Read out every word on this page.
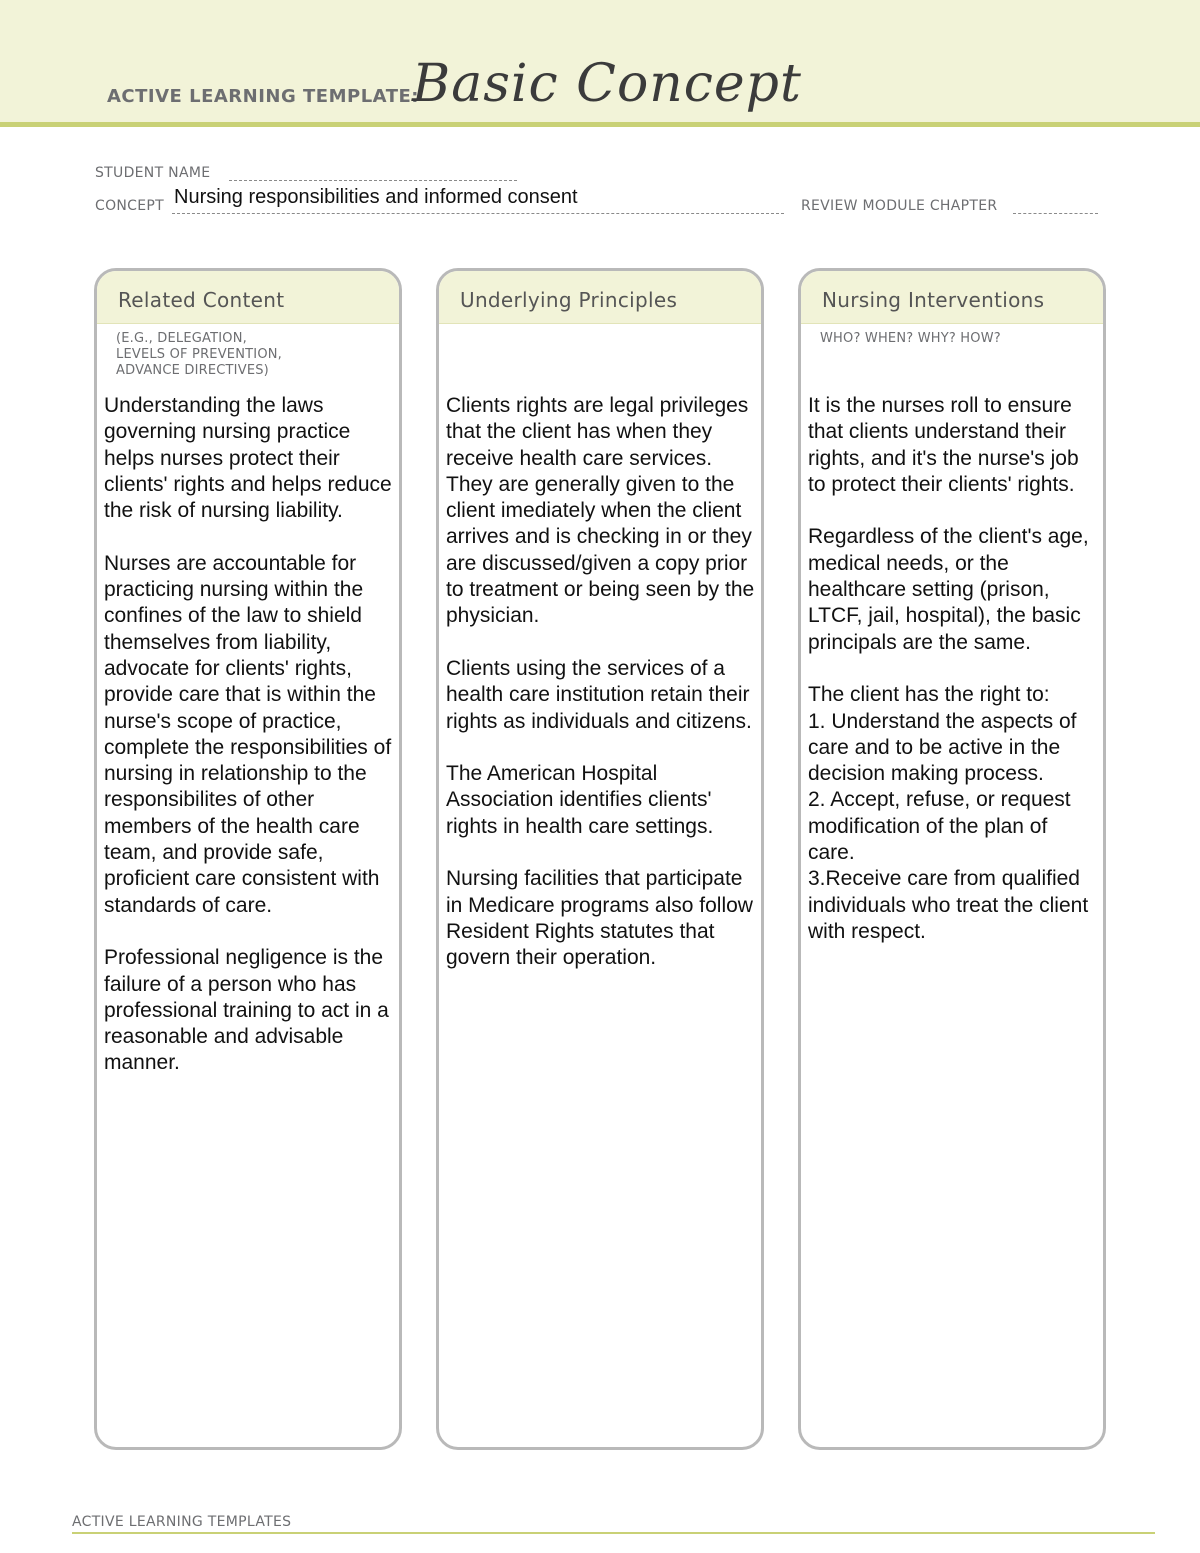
ACTIVE LEARNING TEMPLATE:
Basic Concept
STUDENT NAME
CONCEPT Nursing responsibilities and informed consent	REVIEW MODULE CHAPTER
Related Content
(E.G., DELEGATION,
LEVELS OF PREVENTION,
ADVANCE DIRECTIVES)

Understanding the laws governing nursing practice helps nurses protect their clients' rights and helps reduce the risk of nursing liability.

Nurses are accountable for practicing nursing within the confines of the law to shield themselves from liability, advocate for clients' rights, provide care that is within the nurse's scope of practice, complete the responsibilities of nursing in relationship to the responsibilites of other members of the health care team, and provide safe, proficient care consistent with standards of care.

Professional negligence is the failure of a person who has professional training to act in a reasonable and advisable manner.

Underlying Principles

Clients rights are legal privileges that the client has when they receive health care services. They are generally given to the client imediately when the client arrives and is checking in or they are discussed/given a copy prior to treatment or being seen by the physician.

Clients using the services of a health care institution retain their rights as individuals and citizens.

The American Hospital Association identifies clients' rights in health care settings.

Nursing facilities that participate in Medicare programs also follow Resident Rights statutes that govern their operation.

Nursing Interventions
WHO? WHEN? WHY? HOW?

It is the nurses roll to ensure that clients understand their rights, and it's the nurse's job to protect their clients' rights.

Regardless of the client's age, medical needs, or the healthcare setting (prison, LTCF, jail, hospital), the basic principals are the same.

The client has the right to:
1. Understand the aspects of care and to be active in the decision making process.
2. Accept, refuse, or request modification of the plan of care.
3.Receive care from qualified individuals who treat the client with respect.
ACTIVE LEARNING TEMPLATES
